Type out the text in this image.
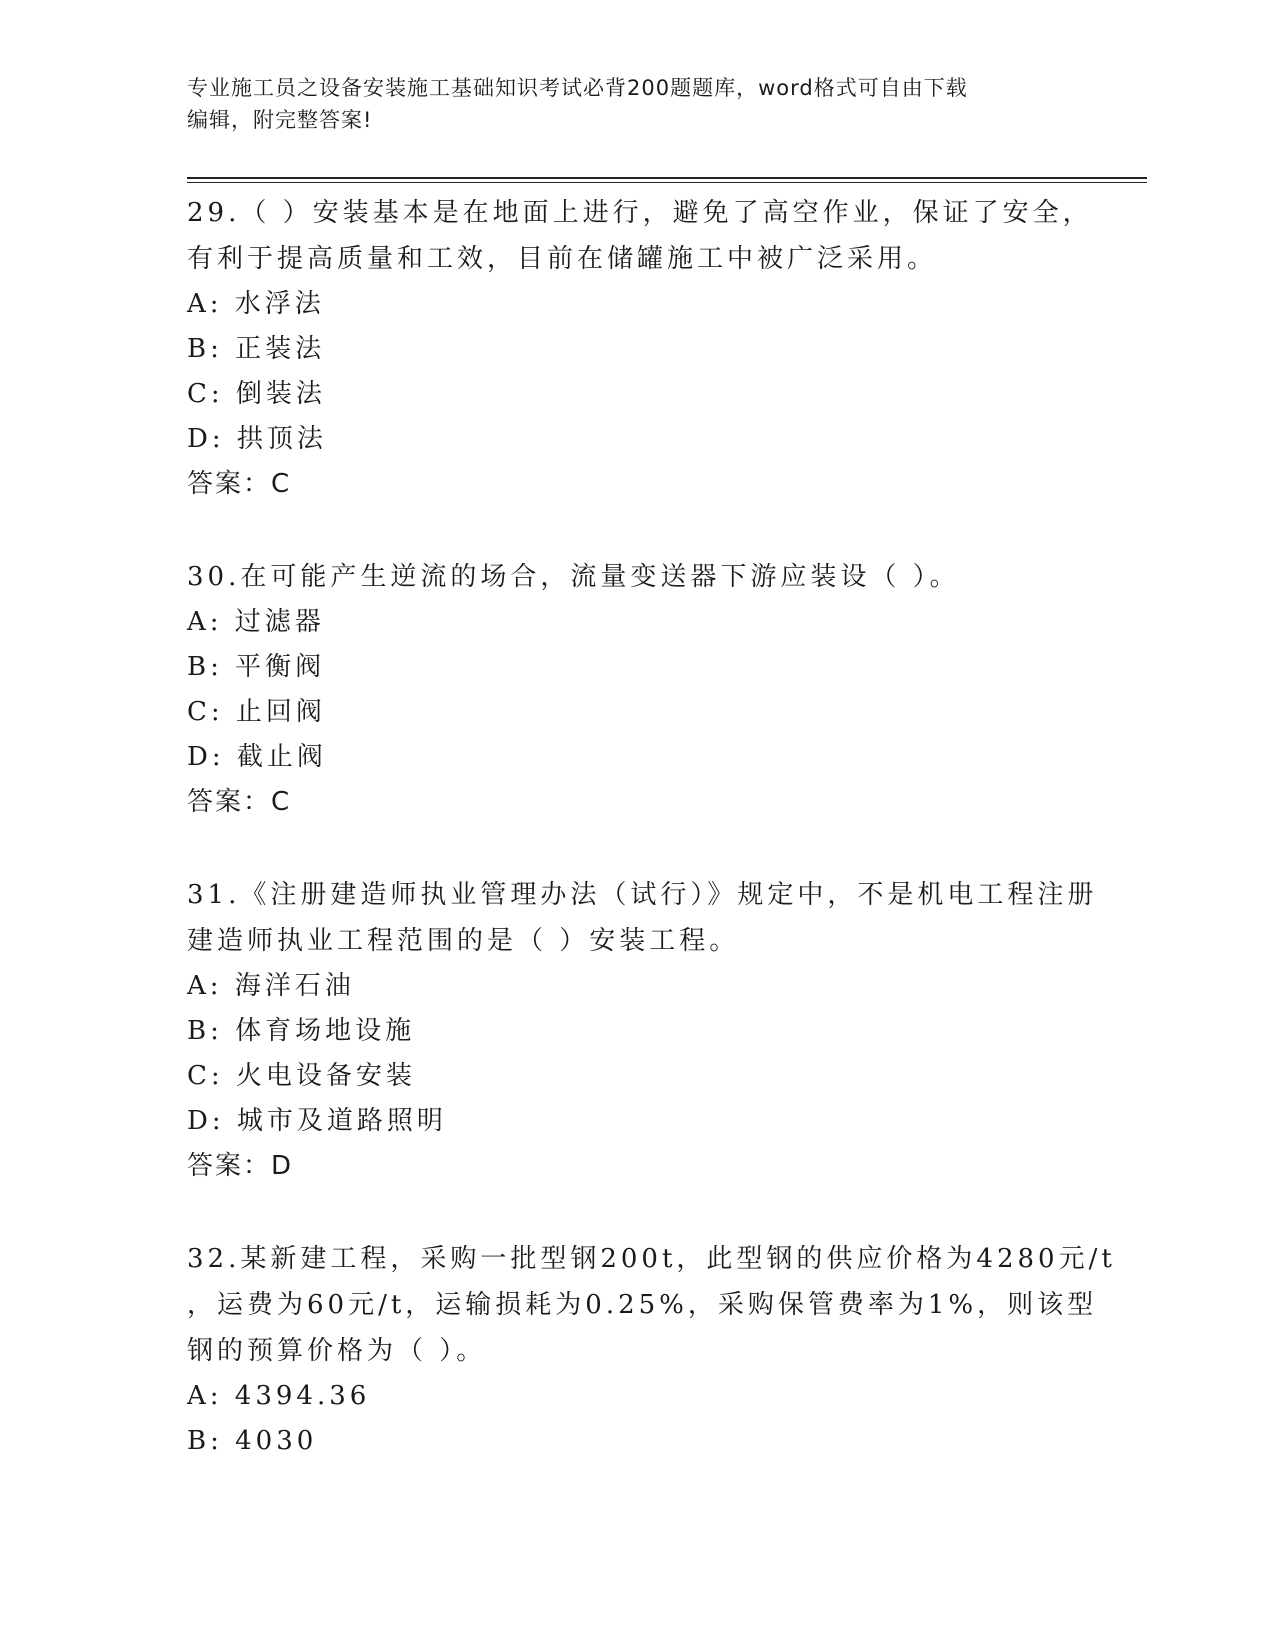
专业施工员之设备安装施工基础知识考试必背200题题库，word格式可自由下载
编辑，附完整答案!
29.（ ）安装基本是在地面上进行，避免了高空作业，保证了安全，
有利于提高质量和工效，目前在储罐施工中被广泛采用。
A: 水浮法
B: 正装法
C: 倒装法
D: 拱顶法
答案：C
30.在可能产生逆流的场合，流量变送器下游应装设（ ）。
A: 过滤器
B: 平衡阀
C: 止回阀
D: 截止阀
答案：C
31.《注册建造师执业管理办法（试行）》规定中，不是机电工程注册
建造师执业工程范围的是（ ）安装工程。
A: 海洋石油
B: 体育场地设施
C: 火电设备安装
D: 城市及道路照明
答案：D
32.某新建工程，采购一批型钢200t，此型钢的供应价格为4280元/t
，运费为60元/t，运输损耗为0.25%，采购保管费率为1%，则该型
钢的预算价格为（ ）。
A: 4394.36
B: 4030
